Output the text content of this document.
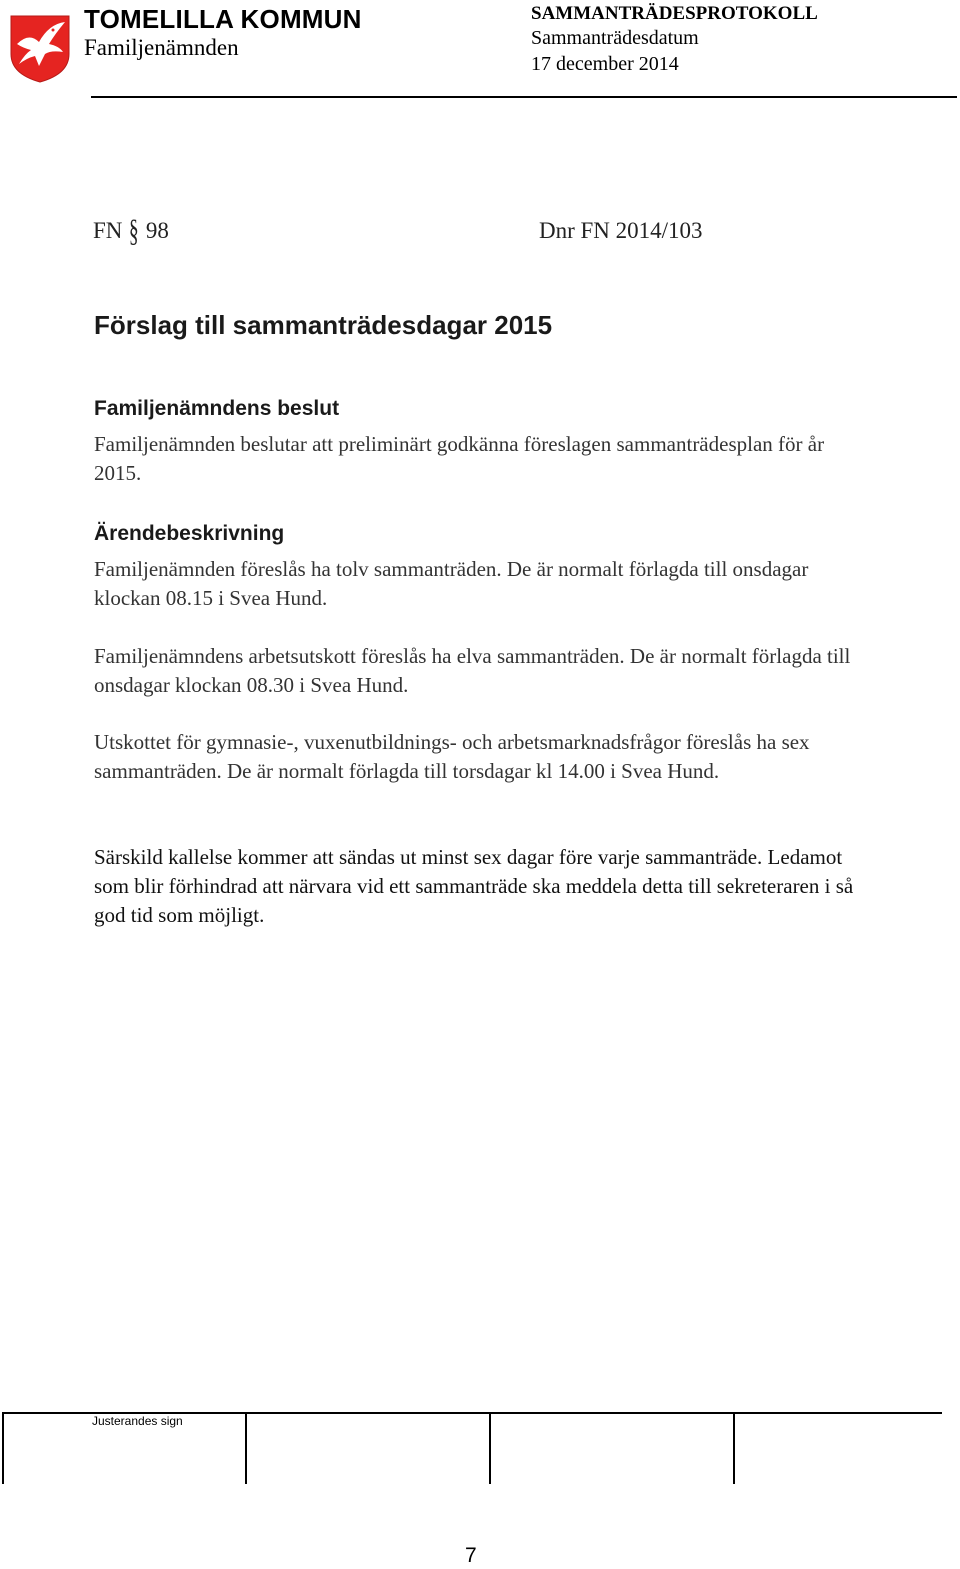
TOMELILLA KOMMUN
Familjenämnden
SAMMANTRÄDESPROTOKOLL
Sammanträdesdatum
17 december 2014
FN § 98	Dnr FN 2014/103
Förslag till sammanträdesdagar 2015
Familjenämndens beslut

Familjenämnden beslutar att preliminärt godkänna föreslagen sammanträdesplan för år 2015.

Ärendebeskrivning

Familjenämnden föreslås ha tolv sammanträden. De är normalt förlagda till onsdagar klockan 08.15 i Svea Hund.

Familjenämndens arbetsutskott föreslås ha elva sammanträden. De är normalt förlagda till onsdagar klockan 08.30 i Svea Hund.

Utskottet för gymnasie-, vuxenutbildnings- och arbetsmarknadsfrågor föreslås ha sex sammanträden. De är normalt förlagda till torsdagar kl 14.00 i Svea Hund.

Särskild kallelse kommer att sändas ut minst sex dagar före varje sammanträde. Ledamot som blir förhindrad att närvara vid ett sammanträde ska meddela detta till sekreteraren i så god tid som möjligt.

Justerandes sign
7
